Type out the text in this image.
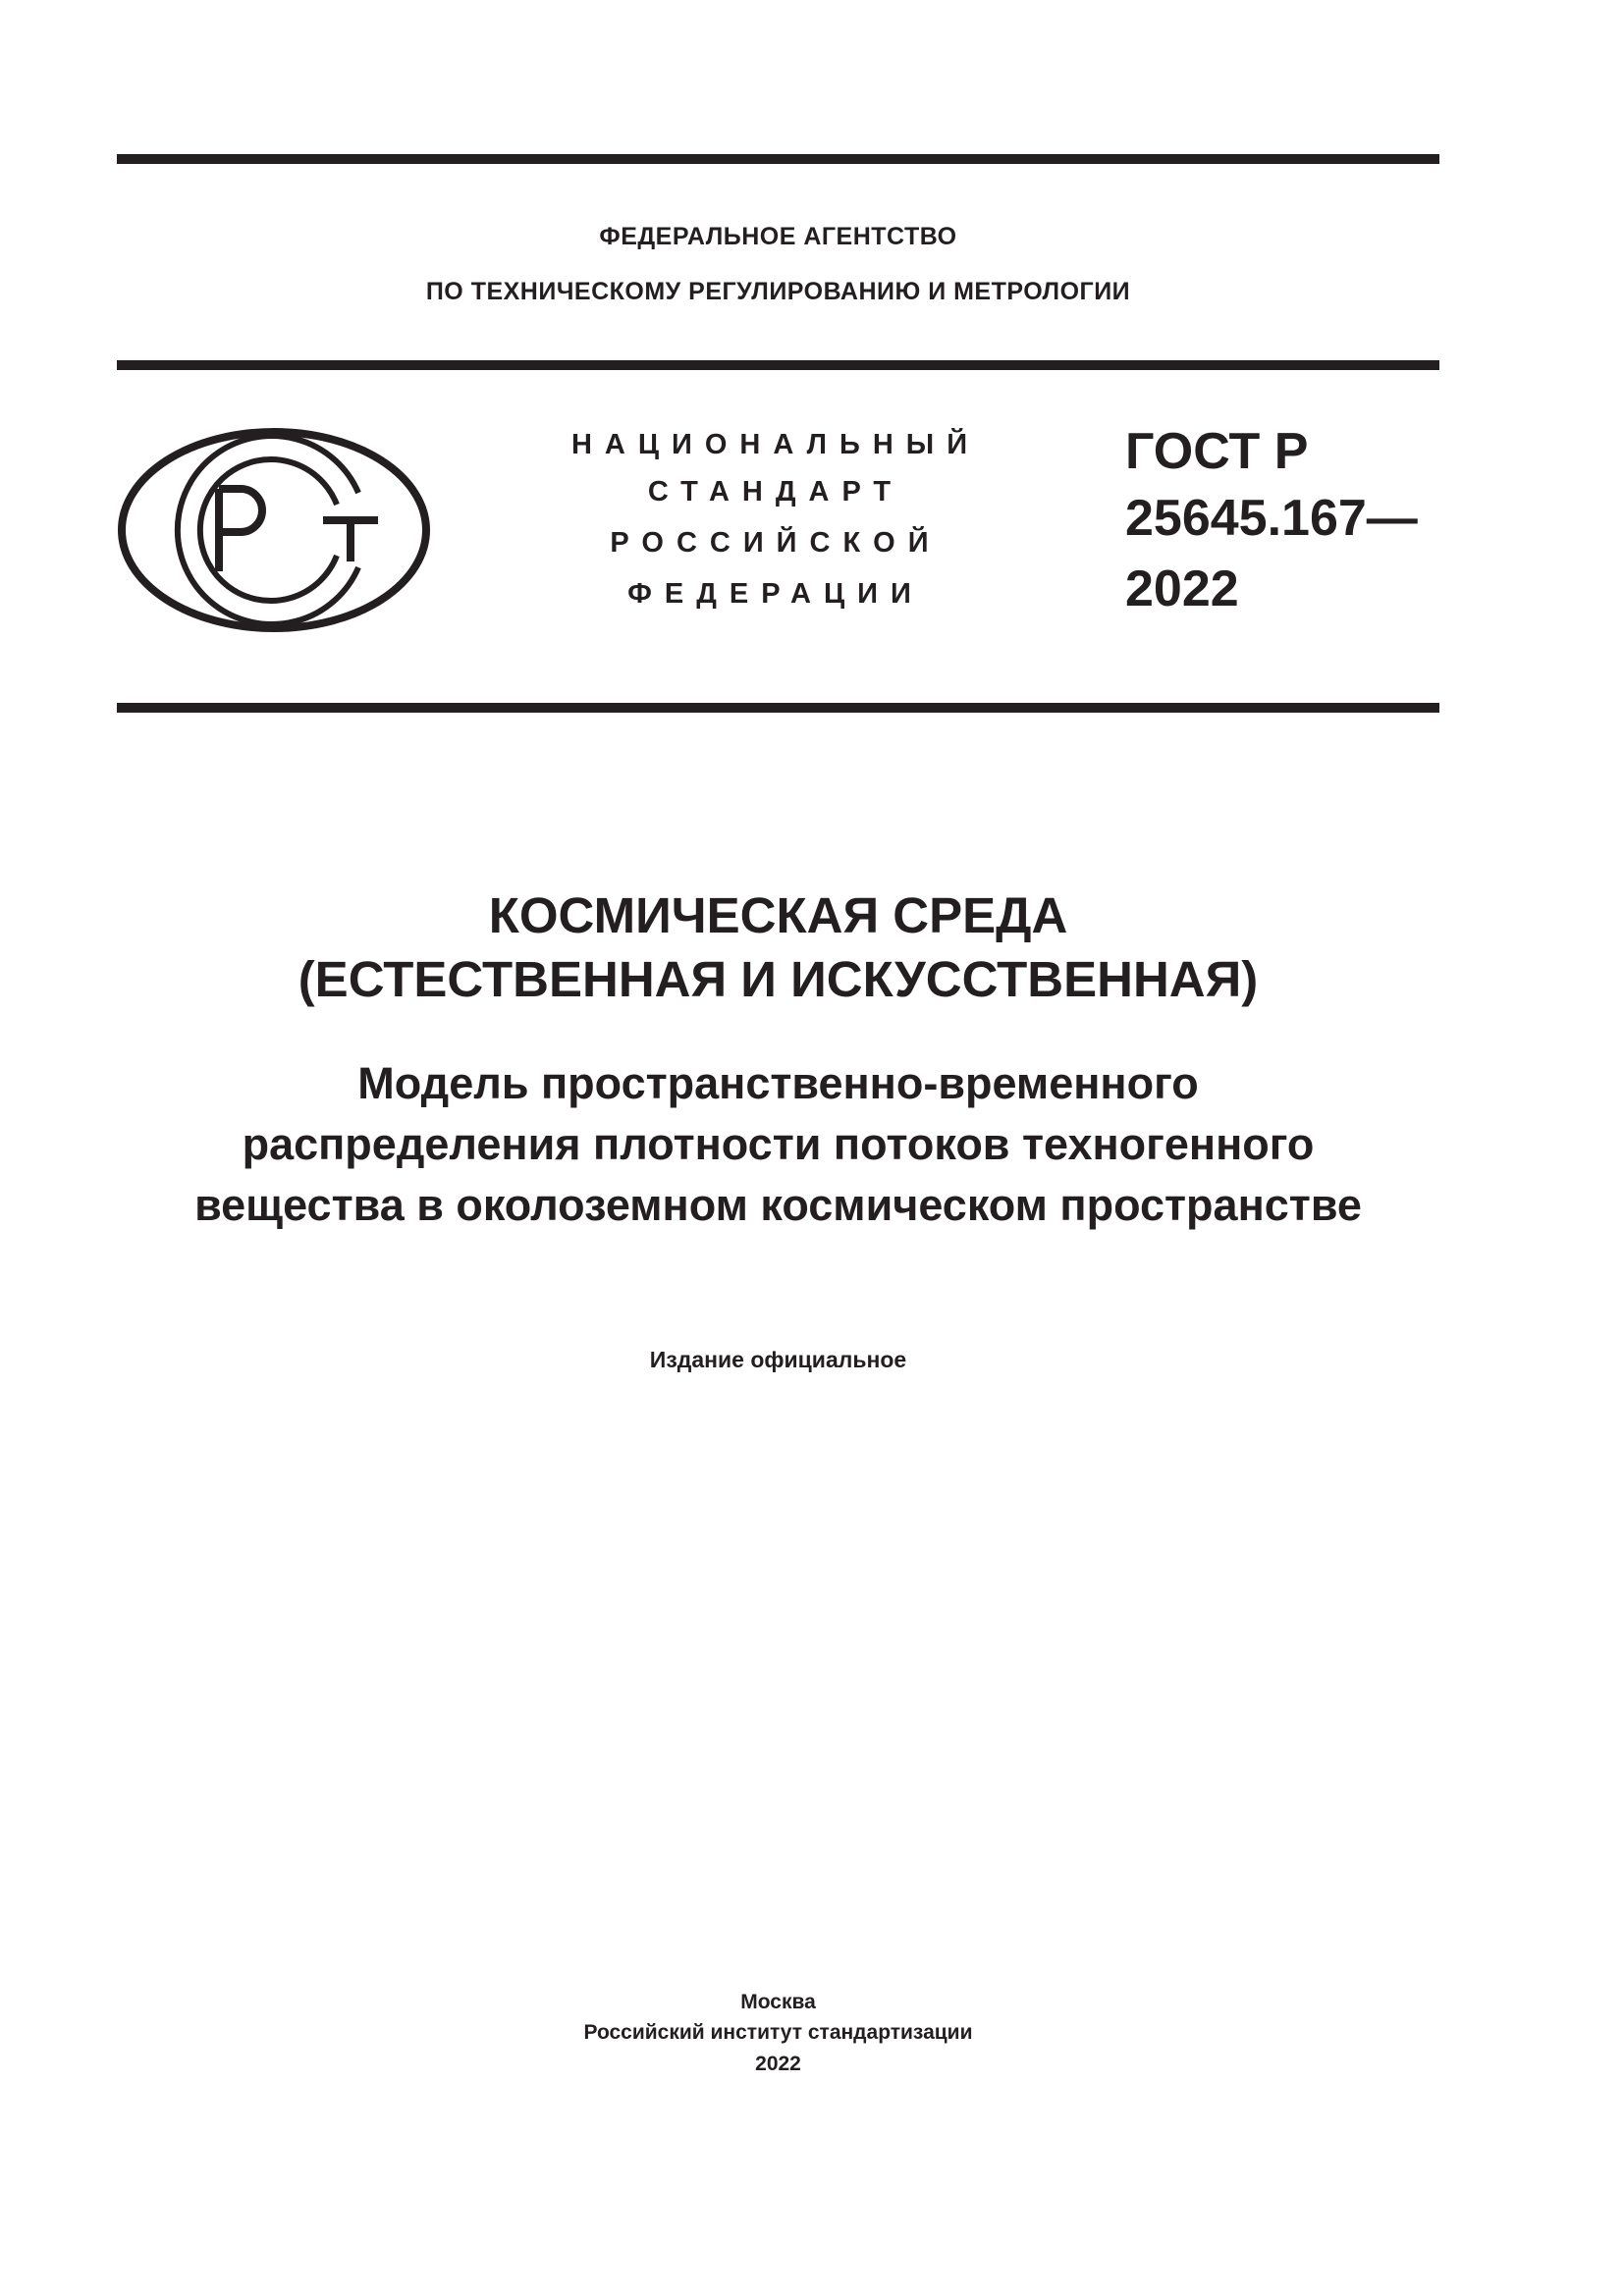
ФЕДЕРАЛЬНОЕ АГЕНТСТВО
ПО ТЕХНИЧЕСКОМУ РЕГУЛИРОВАНИЮ И МЕТРОЛОГИИ
НАЦИОНАЛЬНЫЙ
СТАНДАРТ
РОССИЙСКОЙ
ФЕДЕРАЦИИ
ГОСТ Р
25645.167—
2022
КОСМИЧЕСКАЯ СРЕДА
(ЕСТЕСТВЕННАЯ И ИСКУССТВЕННАЯ)
Модель пространственно-временного
распределения плотности потоков техногенного
вещества в околоземном космическом пространстве
Издание официальное
Москва
Российский институт стандартизации
2022
